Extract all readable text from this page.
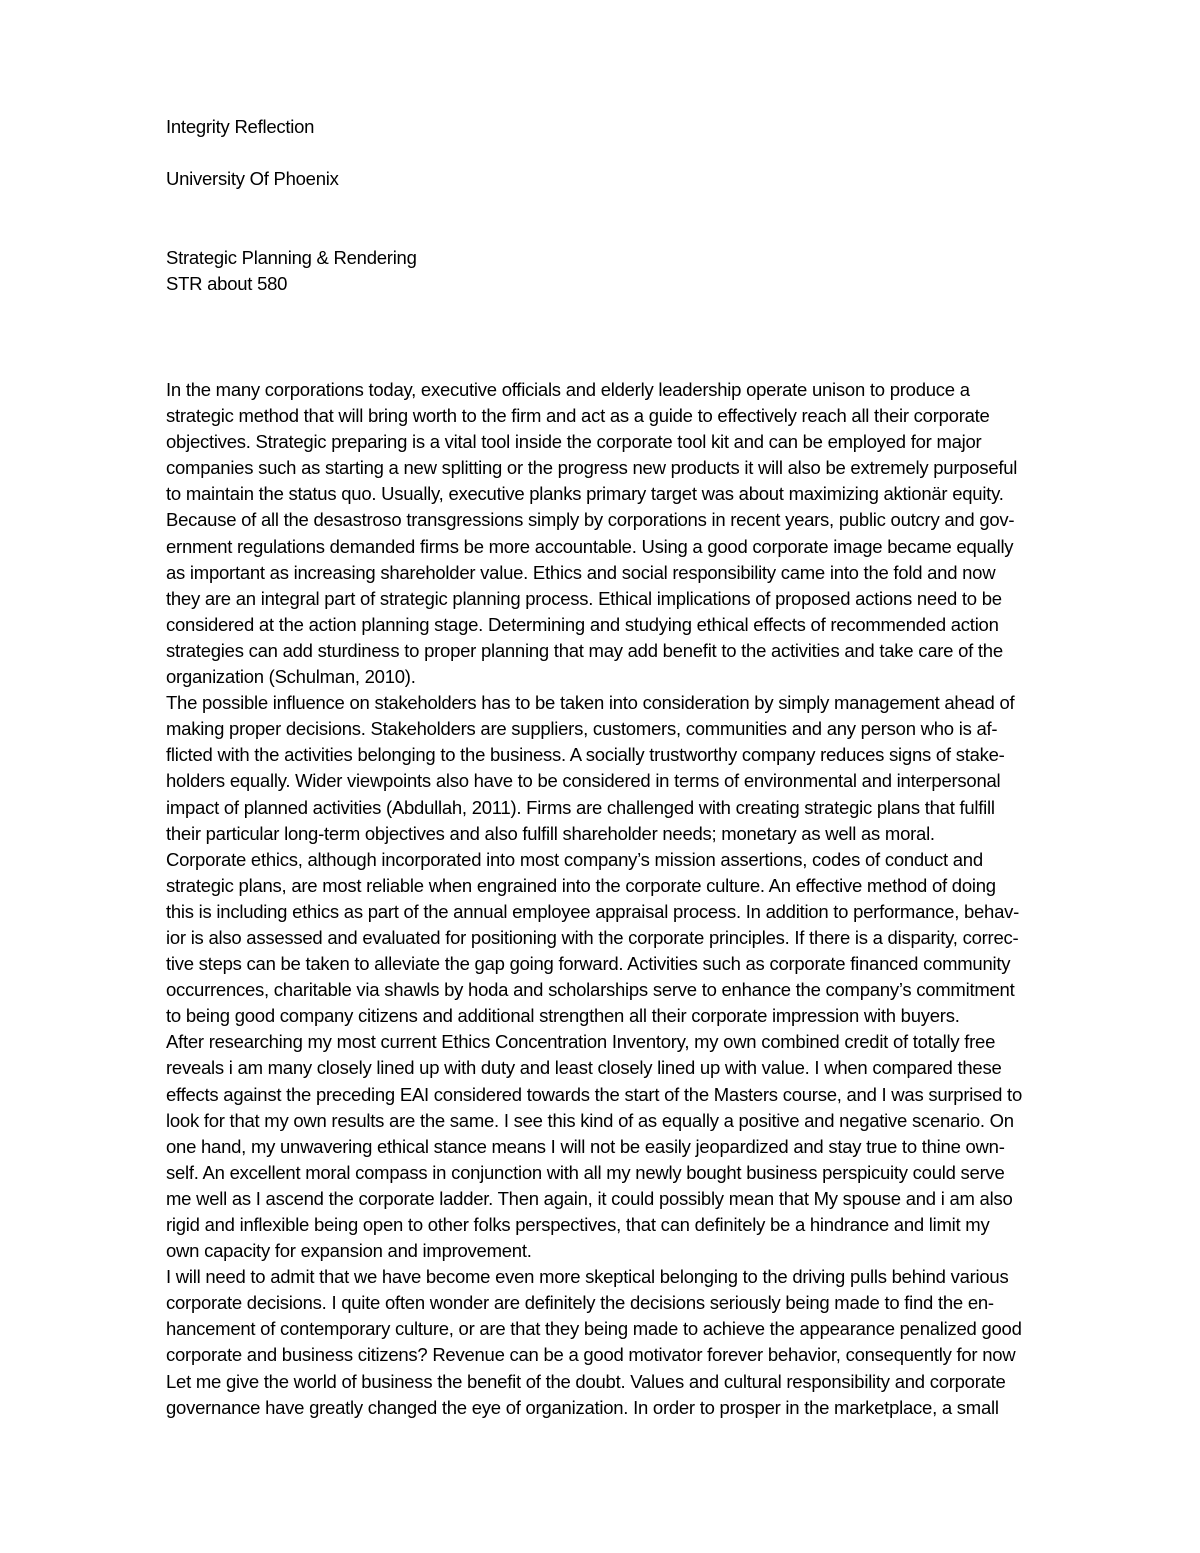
Integrity Reflection
University Of Phoenix
Strategic Planning & Rendering
STR about 580
In the many corporations today, executive officials and elderly leadership operate unison to produce a
strategic method that will bring worth to the firm and act as a guide to effectively reach all their corporate
objectives. Strategic preparing is a vital tool inside the corporate tool kit and can be employed for major
companies such as starting a new splitting or the progress new products it will also be extremely purposeful
to maintain the status quo. Usually, executive planks primary target was about maximizing aktionär equity.
Because of all the desastroso transgressions simply by corporations in recent years, public outcry and gov-
ernment regulations demanded firms be more accountable. Using a good corporate image became equally
as important as increasing shareholder value. Ethics and social responsibility came into the fold and now
they are an integral part of strategic planning process. Ethical implications of proposed actions need to be
considered at the action planning stage. Determining and studying ethical effects of recommended action
strategies can add sturdiness to proper planning that may add benefit to the activities and take care of the
organization (Schulman, 2010).
The possible influence on stakeholders has to be taken into consideration by simply management ahead of
making proper decisions. Stakeholders are suppliers, customers, communities and any person who is af-
flicted with the activities belonging to the business. A socially trustworthy company reduces signs of stake-
holders equally. Wider viewpoints also have to be considered in terms of environmental and interpersonal
impact of planned activities (Abdullah, 2011). Firms are challenged with creating strategic plans that fulfill
their particular long-term objectives and also fulfill shareholder needs; monetary as well as moral.
Corporate ethics, although incorporated into most company’s mission assertions, codes of conduct and
strategic plans, are most reliable when engrained into the corporate culture. An effective method of doing
this is including ethics as part of the annual employee appraisal process. In addition to performance, behav-
ior is also assessed and evaluated for positioning with the corporate principles. If there is a disparity, correc-
tive steps can be taken to alleviate the gap going forward. Activities such as corporate financed community
occurrences, charitable via shawls by hoda and scholarships serve to enhance the company’s commitment
to being good company citizens and additional strengthen all their corporate impression with buyers.
After researching my most current Ethics Concentration Inventory, my own combined credit of totally free
reveals i am many closely lined up with duty and least closely lined up with value. I when compared these
effects against the preceding EAI considered towards the start of the Masters course, and I was surprised to
look for that my own results are the same. I see this kind of as equally a positive and negative scenario. On
one hand, my unwavering ethical stance means I will not be easily jeopardized and stay true to thine own-
self. An excellent moral compass in conjunction with all my newly bought business perspicuity could serve
me well as I ascend the corporate ladder. Then again, it could possibly mean that My spouse and i am also
rigid and inflexible being open to other folks perspectives, that can definitely be a hindrance and limit my
own capacity for expansion and improvement.
I will need to admit that we have become even more skeptical belonging to the driving pulls behind various
corporate decisions. I quite often wonder are definitely the decisions seriously being made to find the en-
hancement of contemporary culture, or are that they being made to achieve the appearance penalized good
corporate and business citizens? Revenue can be a good motivator forever behavior, consequently for now
Let me give the world of business the benefit of the doubt. Values and cultural responsibility and corporate
governance have greatly changed the eye of organization. In order to prosper in the marketplace, a small
